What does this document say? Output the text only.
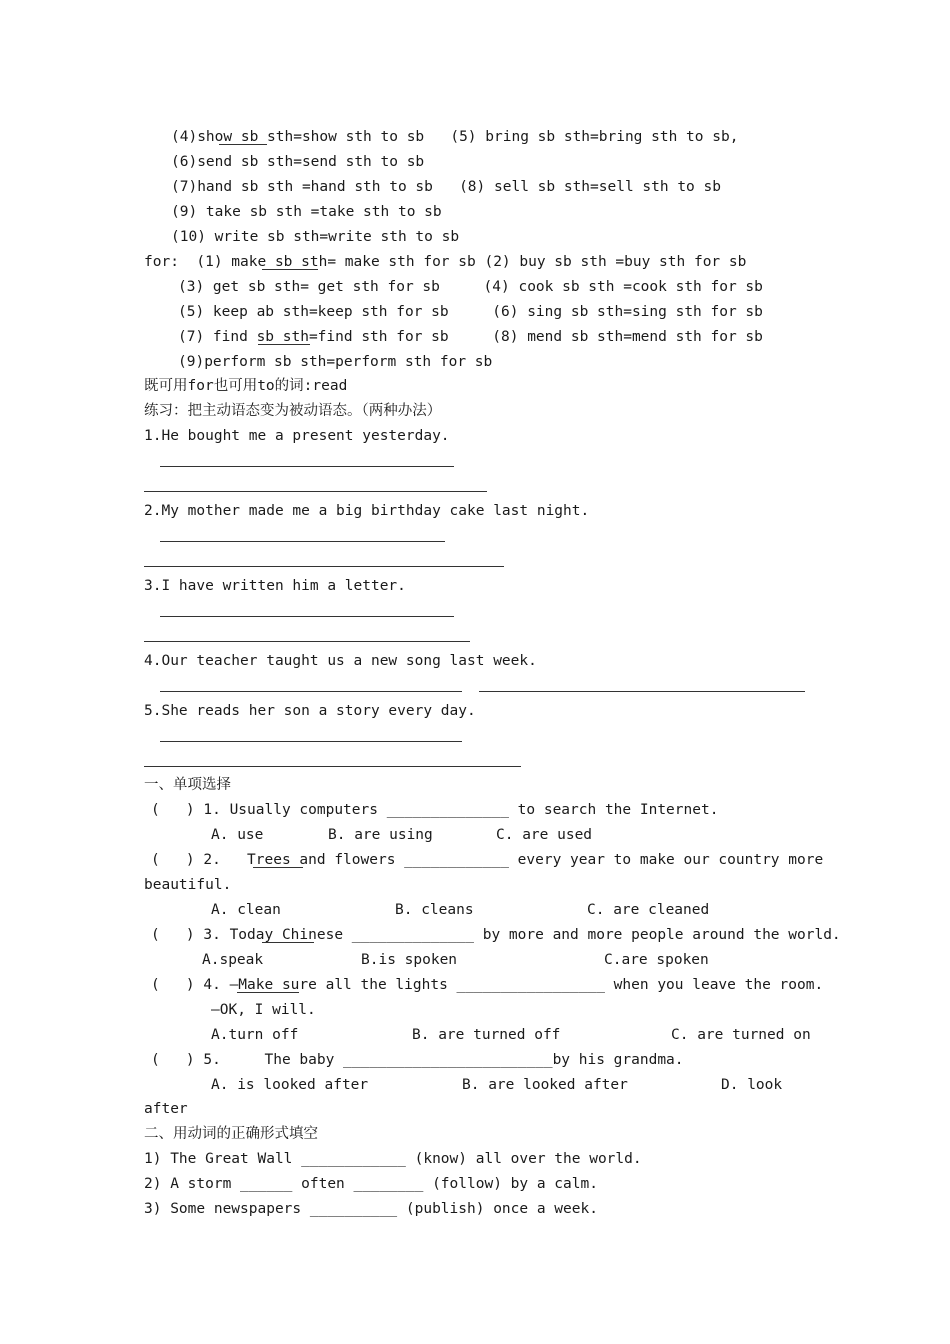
(4)show sb sth=show sth to sb   (5) bring sb sth=bring sth to sb,
(6)send sb sth=send sth to sb
(7)hand sb sth =hand sth to sb   (8) sell sb sth=sell sth to sb
(9) take sb sth =take sth to sb
(10) write sb sth=write sth to sb
for:  (1) make sb sth= make sth for sb (2) buy sb sth =buy sth for sb
(3) get sb sth= get sth for sb     (4) cook sb sth =cook sth for sb
(5) keep ab sth=keep sth for sb     (6) sing sb sth=sing sth for sb
(7) find sb sth=find sth for sb     (8) mend sb sth=mend sth for sb
(9)perform sb sth=perform sth for sb
既可用for也可用to的词:read
练习：把主动语态变为被动语态。（两种办法）
1.He bought me a present yesterday.
2.My mother made me a big birthday cake last night.
3.I have written him a letter.
4.Our teacher taught us a new song last week.
5.She reads her son a story every day.
一、单项选择
(   ) 1. Usually computers ______________ to search the Internet.
A. use	B. are using	C. are used
(   ) 2.   Trees and flowers ____________ every year to make our country more
beautiful.
A. clean	B. cleans	C. are cleaned
(   ) 3. Today Chinese ______________ by more and more people around the world.
A.speak	B.is spoken	C.are spoken
(   ) 4. —Make sure all the lights _________________ when you leave the room.
—OK, I will.
A.turn off	B. are turned off	C. are turned on
(   ) 5.     The baby ________________________by his grandma.
A. is looked after	B. are looked after	D. look
after
二、用动词的正确形式填空
1) The Great Wall ____________ (know) all over the world.
2) A storm ______ often ________ (follow) by a calm.
3) Some newspapers __________ (publish) once a week.
